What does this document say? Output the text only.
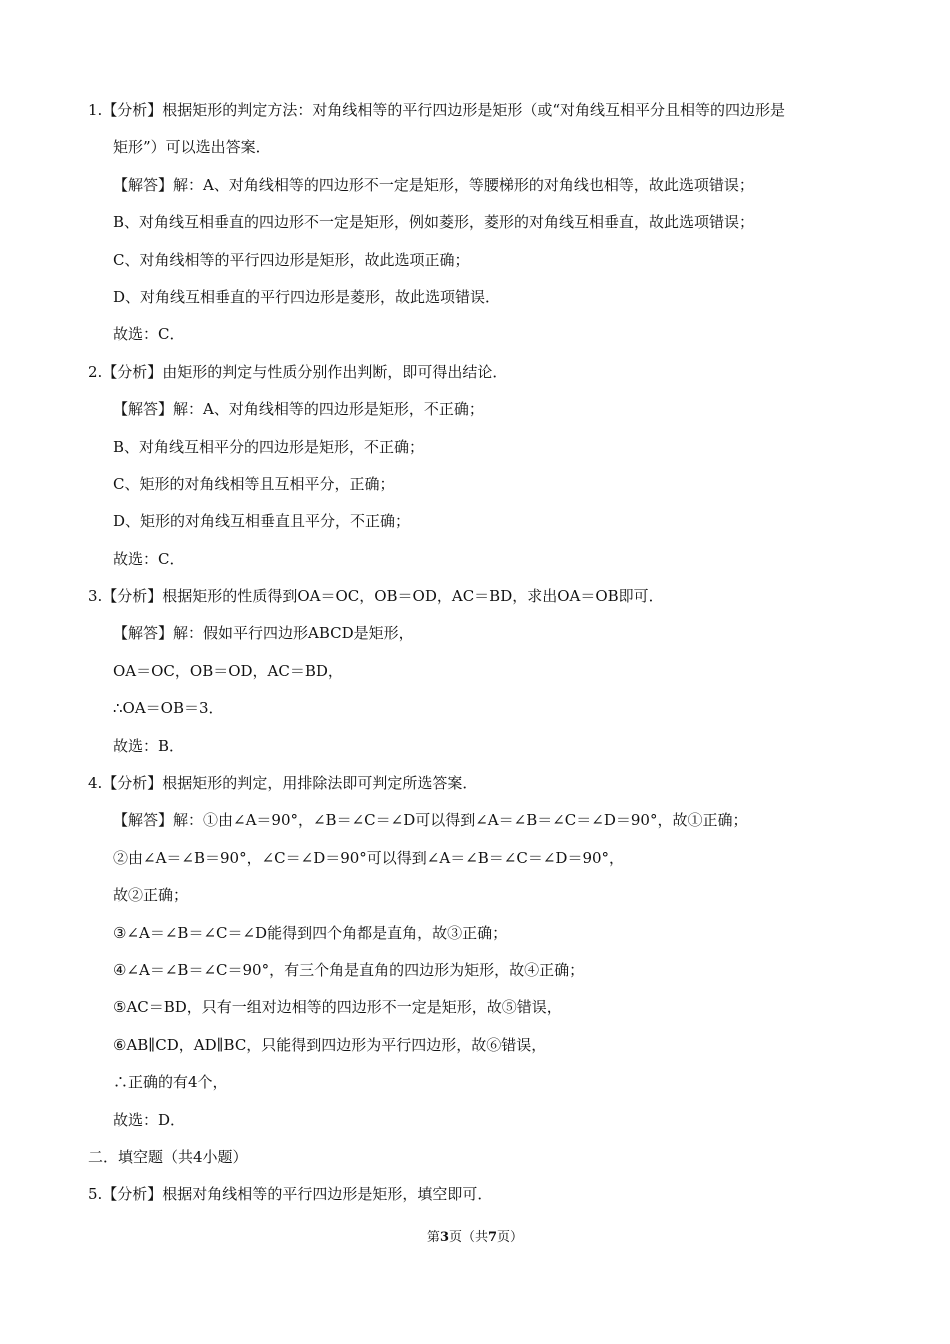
1.【分析】根据矩形的判定方法：对角线相等的平行四边形是矩形（或“对角线互相平分且相等的四边形是
矩形”）可以选出答案．
【解答】解：A、对角线相等的四边形不一定是矩形，等腰梯形的对角线也相等，故此选项错误；
B、对角线互相垂直的四边形不一定是矩形，例如菱形，菱形的对角线互相垂直，故此选项错误；
C、对角线相等的平行四边形是矩形，故此选项正确；
D、对角线互相垂直的平行四边形是菱形，故此选项错误．
故选：C．
2.【分析】由矩形的判定与性质分别作出判断，即可得出结论．
【解答】解：A、对角线相等的四边形是矩形，不正确；
B、对角线互相平分的四边形是矩形，不正确；
C、矩形的对角线相等且互相平分，正确；
D、矩形的对角线互相垂直且平分，不正确；
故选：C．
3.【分析】根据矩形的性质得到OA＝OC，OB＝OD，AC＝BD，求出OA＝OB即可．
【解答】解：假如平行四边形ABCD是矩形，
OA＝OC，OB＝OD，AC＝BD，
∴OA＝OB＝3．
故选：B．
4.【分析】根据矩形的判定，用排除法即可判定所选答案．
【解答】解：①由∠A＝90°，∠B＝∠C＝∠D可以得到∠A＝∠B＝∠C＝∠D＝90°，故①正确；
②由∠A＝∠B＝90°，∠C＝∠D＝90°可以得到∠A＝∠B＝∠C＝∠D＝90°，
故②正确；
③∠A＝∠B＝∠C＝∠D能得到四个角都是直角，故③正确；
④∠A＝∠B＝∠C＝90°，有三个角是直角的四边形为矩形，故④正确；
⑤AC＝BD，只有一组对边相等的四边形不一定是矩形，故⑤错误，
⑥AB∥CD，AD∥BC，只能得到四边形为平行四边形，故⑥错误，
∴正确的有4个，
故选：D．
二．填空题（共4小题）
5.【分析】根据对角线相等的平行四边形是矩形，填空即可．
第3页（共7页）
